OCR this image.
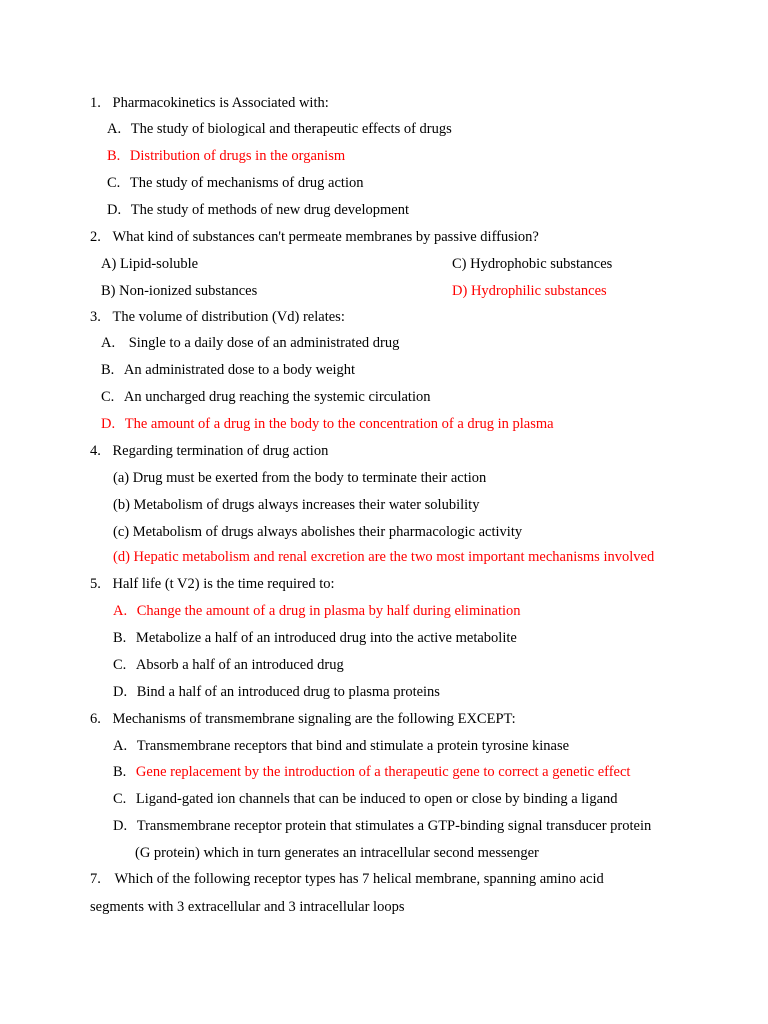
1. Pharmacokinetics is Associated with:
A. The study of biological and therapeutic effects of drugs
B. Distribution of drugs in the organism
C. The study of mechanisms of drug action
D. The study of methods of new drug development
2. What kind of substances can't permeate membranes by passive diffusion?
A) Lipid-soluble	C) Hydrophobic substances
B) Non-ionized substances	D) Hydrophilic substances
3. The volume of distribution (Vd) relates:
A. Single to a daily dose of an administrated drug
B. An administrated dose to a body weight
C. An uncharged drug reaching the systemic circulation
D. The amount of a drug in the body to the concentration of a drug in plasma
4. Regarding termination of drug action
(a) Drug must be exerted from the body to terminate their action
(b) Metabolism of drugs always increases their water solubility
(c) Metabolism of drugs always abolishes their pharmacologic activity
(d) Hepatic metabolism and renal excretion are the two most important mechanisms involved
5. Half life (t V2) is the time required to:
A. Change the amount of a drug in plasma by half during elimination
B. Metabolize a half of an introduced drug into the active metabolite
C. Absorb a half of an introduced drug
D. Bind a half of an introduced drug to plasma proteins
6. Mechanisms of transmembrane signaling are the following EXCEPT:
A. Transmembrane receptors that bind and stimulate a protein tyrosine kinase
B. Gene replacement by the introduction of a therapeutic gene to correct a genetic effect
C. Ligand-gated ion channels that can be induced to open or close by binding a ligand
D. Transmembrane receptor protein that stimulates a GTP-binding signal transducer protein
(G protein) which in turn generates an intracellular second messenger
7. Which of the following receptor types has 7 helical membrane, spanning amino acid
segments with 3 extracellular and 3 intracellular loops
